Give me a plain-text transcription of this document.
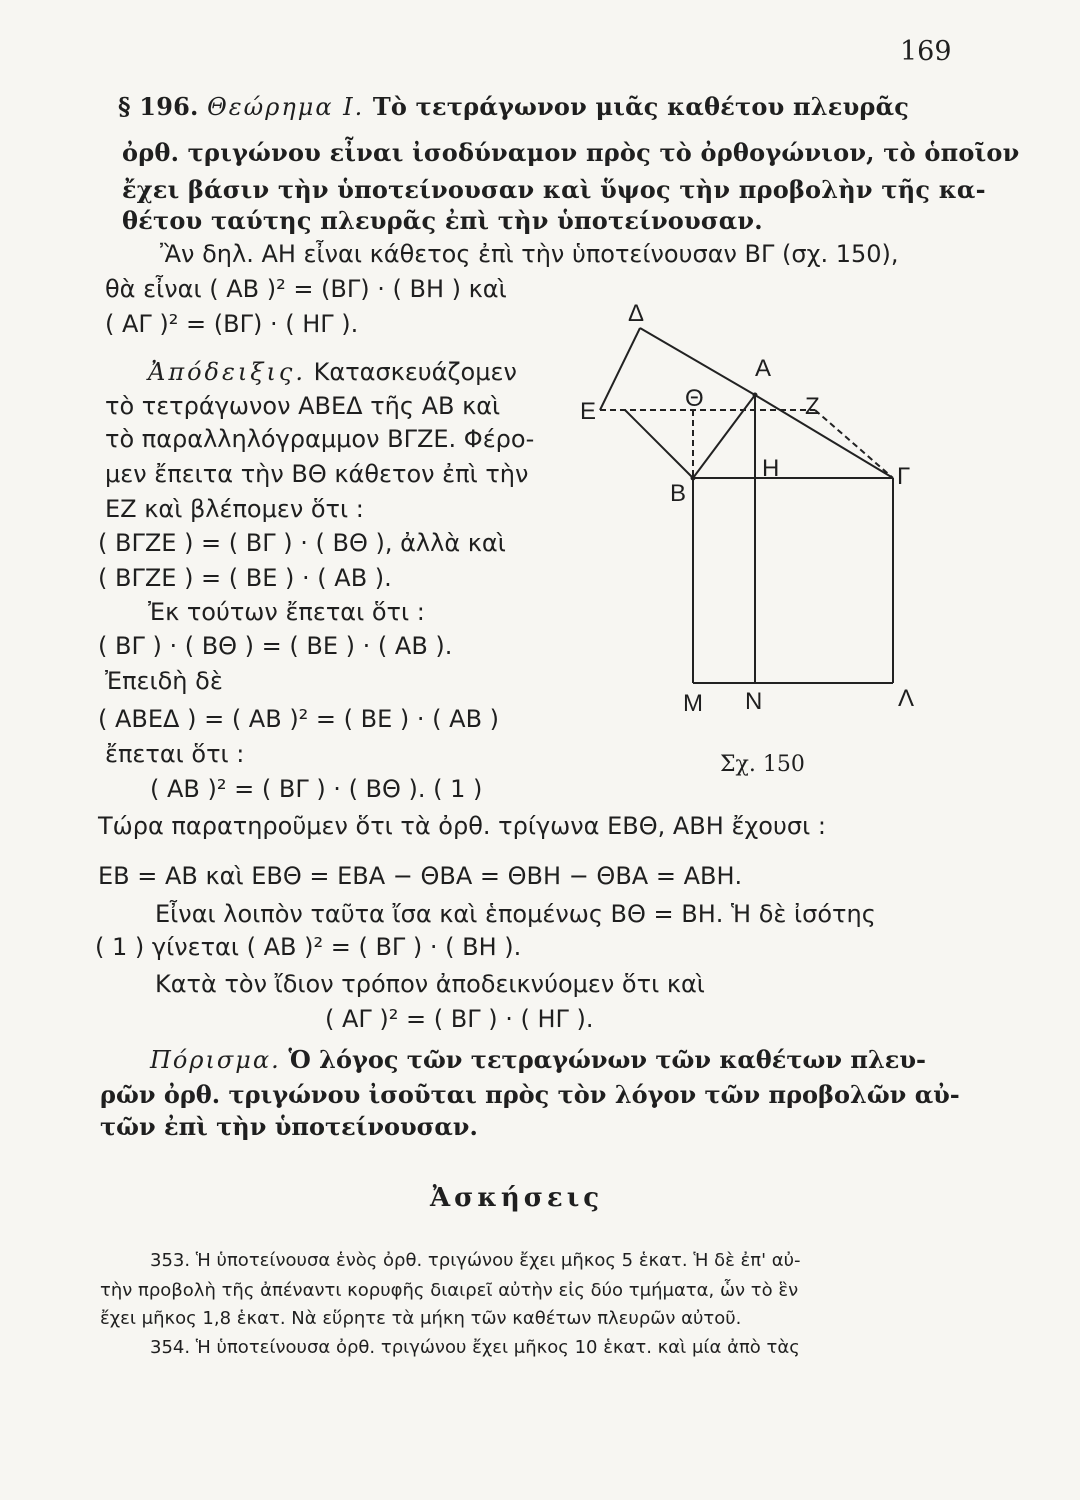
169
§ 196. Θεώρημα I. Τὸ τετράγωνον μιᾶς καθέτου πλευρᾶς
ὀρθ. τριγώνου εἶναι ἰσοδύναμον πρὸς τὸ ὀρθογώνιον, τὸ ὁποῖον
ἔχει βάσιν τὴν ὑποτείνουσαν καὶ ὕψος τὴν προβολὴν τῆς κα-
θέτου ταύτης πλευρᾶς ἐπὶ τὴν ὑποτείνουσαν.
Ἂν δηλ. ΑΗ εἶναι κάθετος ἐπὶ τὴν ὑποτείνουσαν ΒΓ (σχ. 150),
θὰ εἶναι ( ΑΒ )² = (ΒΓ) · ( ΒΗ ) καὶ
( ΑΓ )² = (ΒΓ) · ( ΗΓ ).
Ἀπόδειξις. Κατασκευάζομεν
τὸ τετράγωνον ΑΒΕΔ τῆς ΑΒ καὶ
τὸ παραλληλόγραμμον ΒΓΖΕ. Φέρο-
μεν ἔπειτα τὴν ΒΘ κάθετον ἐπὶ τὴν
ΕΖ καὶ βλέπομεν ὅτι :
( ΒΓΖΕ ) = ( ΒΓ ) · ( ΒΘ ), ἀλλὰ καὶ
( ΒΓΖΕ ) = ( ΒΕ ) · ( ΑΒ ).
Ἐκ τούτων ἔπεται ὅτι :
( ΒΓ ) · ( ΒΘ ) = ( ΒΕ ) · ( ΑΒ ).
Ἐπειδὴ δὲ
( ΑΒΕΔ ) = ( ΑΒ )² = ( ΒΕ ) · ( ΑΒ )
ἔπεται ὅτι :
( ΑΒ )² = ( ΒΓ ) · ( ΒΘ ). ( 1 )
Τώρα παρατηροῦμεν ὅτι τὰ ὀρθ. τρίγωνα ΕΒΘ, ΑΒΗ ἔχουσι :
ΕΒ = ΑΒ καὶ ΕΒΘ = ΕΒΑ − ΘΒΑ = ΘΒΗ − ΘΒΑ = ΑΒΗ.
Εἶναι λοιπὸν ταῦτα ἴσα καὶ ἑπομένως ΒΘ = ΒΗ. Ἡ δὲ ἰσότης
( 1 ) γίνεται ( ΑΒ )² = ( ΒΓ ) · ( ΒΗ ).
Κατὰ τὸν ἴδιον τρόπον ἀποδεικνύομεν ὅτι καὶ
( ΑΓ )² = ( ΒΓ ) · ( ΗΓ ).
Πόρισμα. Ὁ λόγος τῶν τετραγώνων τῶν καθέτων πλευ-
ρῶν ὀρθ. τριγώνου ἰσοῦται πρὸς τὸν λόγον τῶν προβολῶν αὐ-
τῶν ἐπὶ τὴν ὑποτείνουσαν.
Ἀσκήσεις
353. Ἡ ὑποτείνουσα ἑνὸς ὀρθ. τριγώνου ἔχει μῆκος 5 ἑκατ. Ἡ δὲ ἐπ' αὐ-
τὴν προβολὴ τῆς ἀπέναντι κορυφῆς διαιρεῖ αὐτὴν εἰς δύο τμήματα, ὧν τὸ ἓν
ἔχει μῆκος 1,8 ἑκατ. Νὰ εὕρητε τὰ μήκη τῶν καθέτων πλευρῶν αὐτοῦ.
354. Ἡ ὑποτείνουσα ὀρθ. τριγώνου ἔχει μῆκος 10 ἑκατ. καὶ μία ἀπὸ τὰς
Δ
Α
Ε	Θ	Ζ
Η
Β
Γ
Μ Ν	Λ
Σχ. 150
